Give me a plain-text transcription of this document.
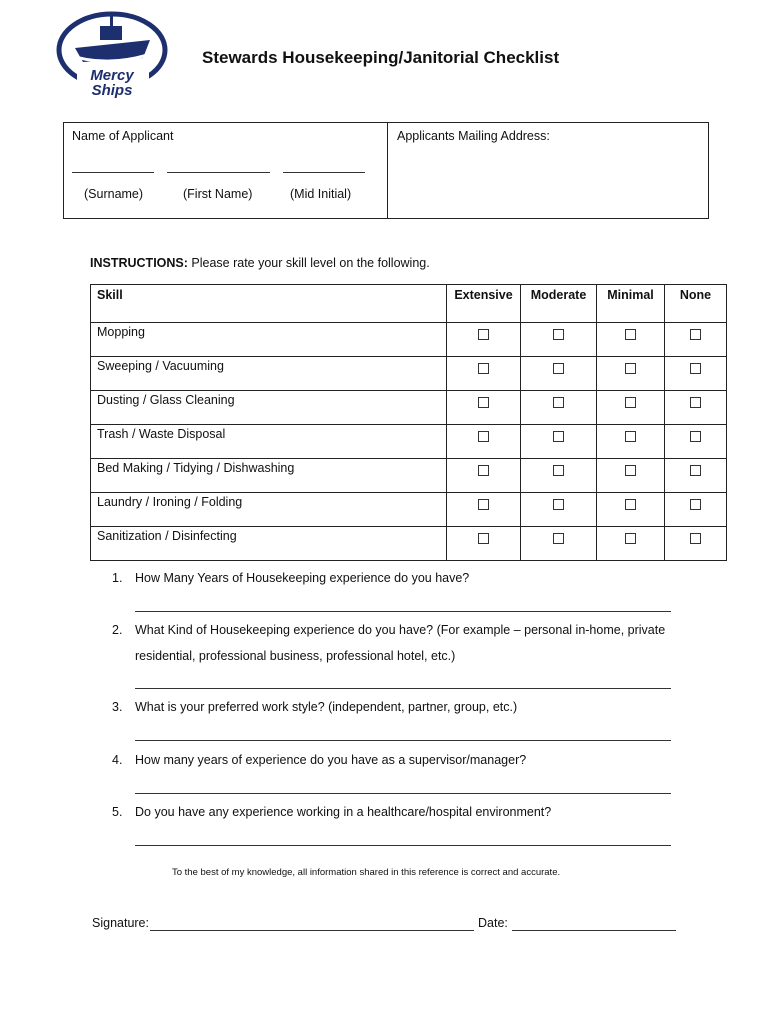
Mercy
Ships
Stewards Housekeeping/Janitorial Checklist
Name of Applicant
(Surname)	(First Name)	(Mid Initial)
Applicants Mailing Address:
INSTRUCTIONS: Please rate your skill level on the following.
Skill	Extensive	Moderate	Minimal	None
Mopping				
Sweeping / Vacuuming				
Dusting / Glass Cleaning				
Trash / Waste Disposal				
Bed Making / Tidying / Dishwashing				
Laundry / Ironing / Folding				
Sanitization / Disinfecting				
1. How Many Years of Housekeeping experience do you have?
2. What Kind of Housekeeping experience do you have? (For example – personal in-home, private
residential, professional business, professional hotel, etc.)
3. What is your preferred work style? (independent, partner, group, etc.)
4. How many years of experience do you have as a supervisor/manager?
5. Do you have any experience working in a healthcare/hospital environment?
To the best of my knowledge, all information shared in this reference is correct and accurate.
Signature:	Date:
